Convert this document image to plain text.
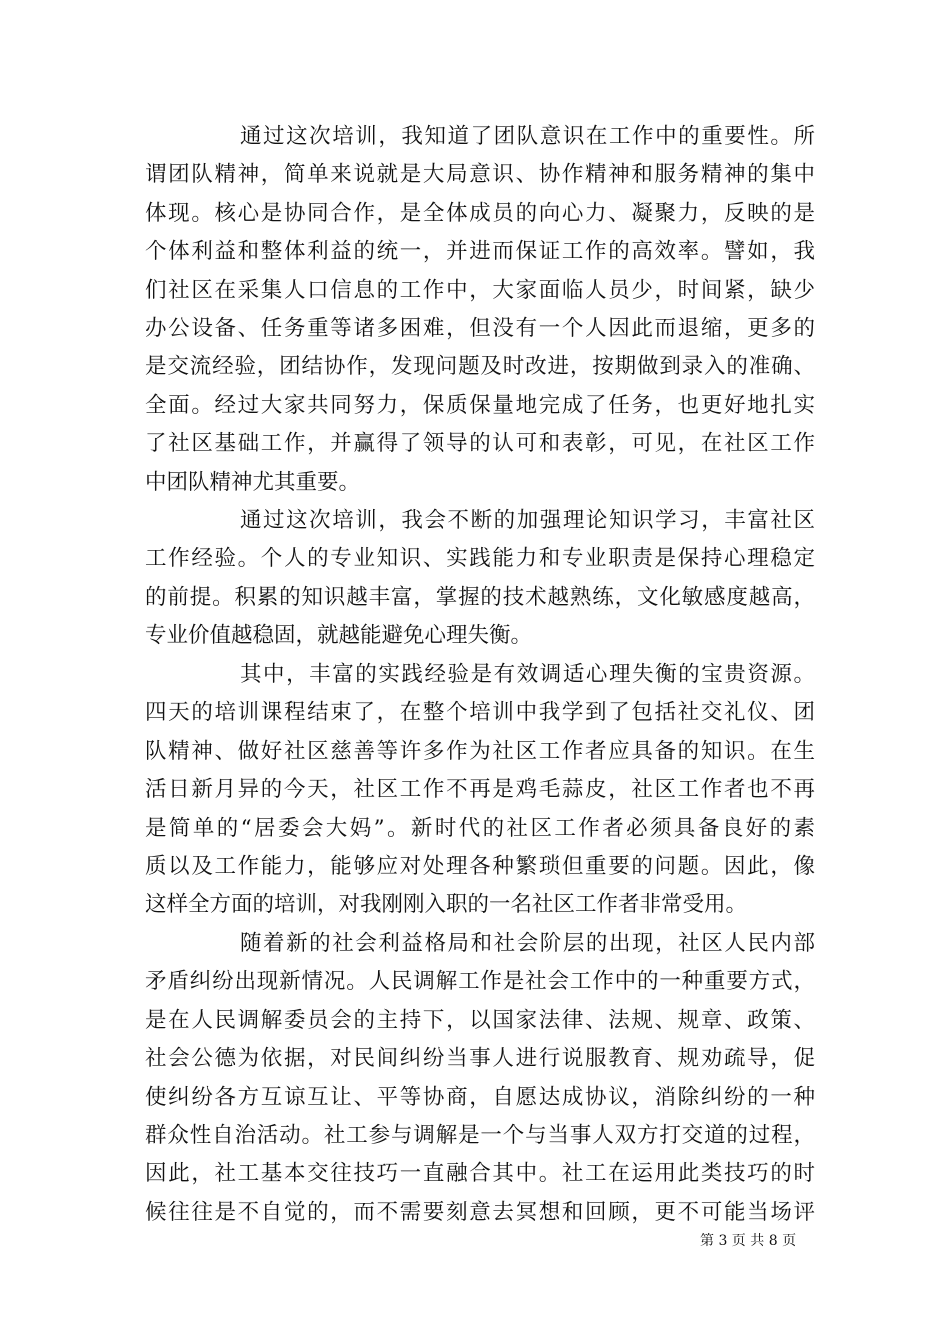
通过这次培训，我知道了团队意识在工作中的重要性。所
谓团队精神，简单来说就是大局意识、协作精神和服务精神的集中
体现。核心是协同合作，是全体成员的向心力、凝聚力，反映的是
个体利益和整体利益的统一，并进而保证工作的高效率。譬如，我
们社区在采集人口信息的工作中，大家面临人员少，时间紧，缺少
办公设备、任务重等诸多困难，但没有一个人因此而退缩，更多的
是交流经验，团结协作，发现问题及时改进，按期做到录入的准确、
全面。经过大家共同努力，保质保量地完成了任务，也更好地扎实
了社区基础工作，并赢得了领导的认可和表彰，可见，在社区工作
中团队精神尤其重要。
通过这次培训，我会不断的加强理论知识学习，丰富社区
工作经验。个人的专业知识、实践能力和专业职责是保持心理稳定
的前提。积累的知识越丰富，掌握的技术越熟练，文化敏感度越高，
专业价值越稳固，就越能避免心理失衡。
其中，丰富的实践经验是有效调适心理失衡的宝贵资源。
四天的培训课程结束了，在整个培训中我学到了包括社交礼仪、团
队精神、做好社区慈善等许多作为社区工作者应具备的知识。在生
活日新月异的今天，社区工作不再是鸡毛蒜皮，社区工作者也不再
是简单的“居委会大妈”。新时代的社区工作者必须具备良好的素
质以及工作能力，能够应对处理各种繁琐但重要的问题。因此，像
这样全方面的培训，对我刚刚入职的一名社区工作者非常受用。
随着新的社会利益格局和社会阶层的出现，社区人民内部
矛盾纠纷出现新情况。人民调解工作是社会工作中的一种重要方式，
是在人民调解委员会的主持下，以国家法律、法规、规章、政策、
社会公德为依据，对民间纠纷当事人进行说服教育、规劝疏导，促
使纠纷各方互谅互让、平等协商，自愿达成协议，消除纠纷的一种
群众性自治活动。社工参与调解是一个与当事人双方打交道的过程，
因此，社工基本交往技巧一直融合其中。社工在运用此类技巧的时
候往往是不自觉的，而不需要刻意去冥想和回顾，更不可能当场评
第 3 页 共 8 页
